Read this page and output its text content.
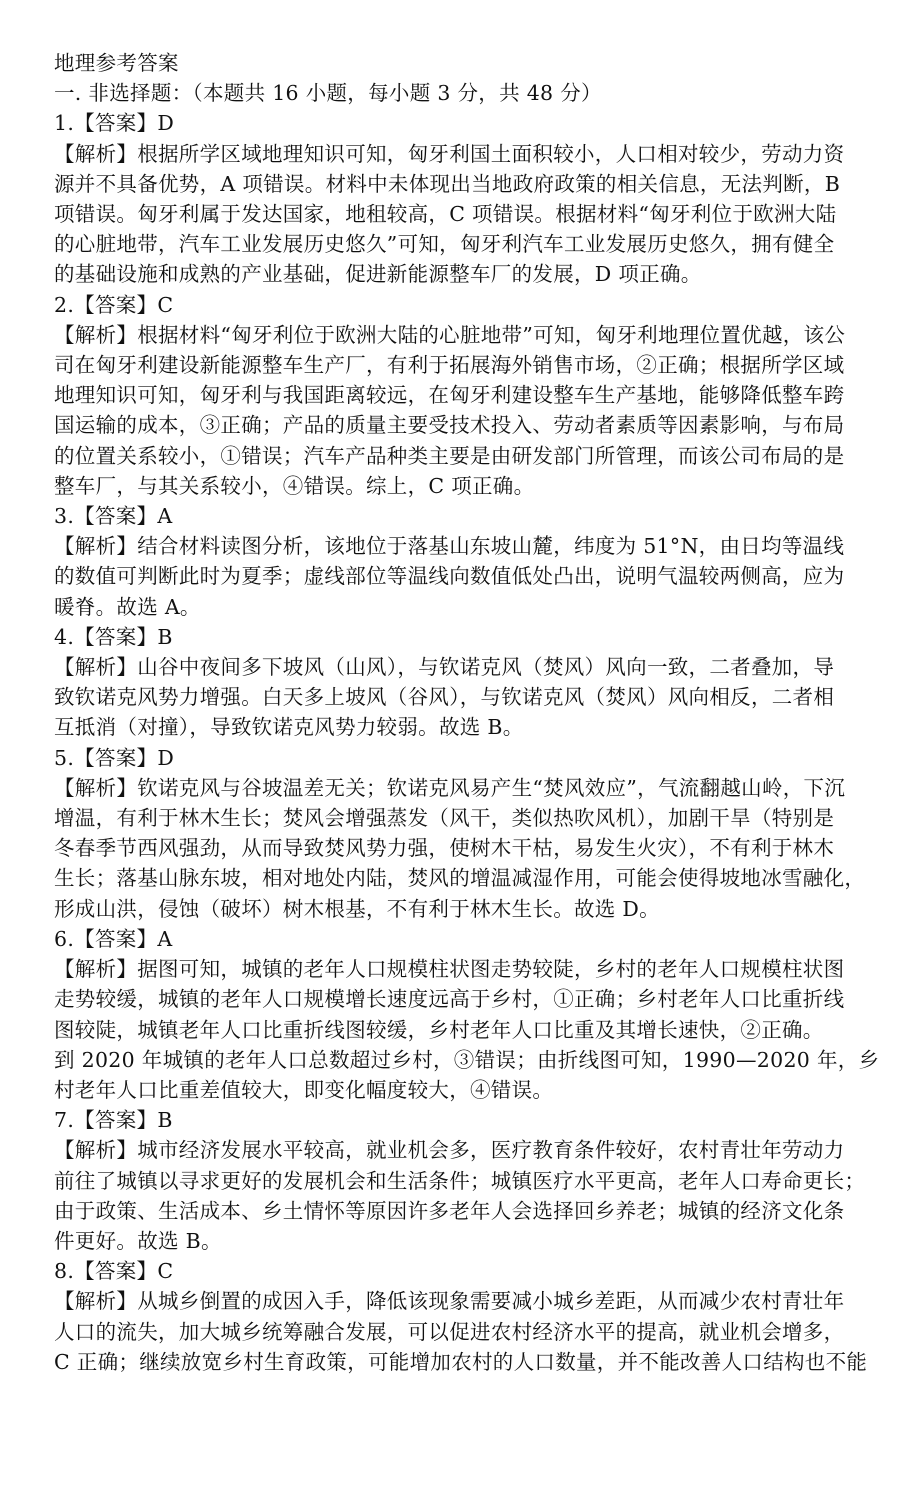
地理参考答案
一. 非选择题：（本题共 16 小题，每小题 3 分，共 48 分）
1.【答案】D
【解析】根据所学区域地理知识可知，匈牙利国土面积较小，人口相对较少，劳动力资
源并不具备优势，A 项错误。材料中未体现出当地政府政策的相关信息，无法判断，B
项错误。匈牙利属于发达国家，地租较高，C 项错误。根据材料“匈牙利位于欧洲大陆
的心脏地带，汽车工业发展历史悠久”可知，匈牙利汽车工业发展历史悠久，拥有健全
的基础设施和成熟的产业基础，促进新能源整车厂的发展，D 项正确。
2.【答案】C
【解析】根据材料“匈牙利位于欧洲大陆的心脏地带”可知，匈牙利地理位置优越，该公
司在匈牙利建设新能源整车生产厂，有利于拓展海外销售市场，②正确；根据所学区域
地理知识可知，匈牙利与我国距离较远，在匈牙利建设整车生产基地，能够降低整车跨
国运输的成本，③正确；产品的质量主要受技术投入、劳动者素质等因素影响，与布局
的位置关系较小，①错误；汽车产品种类主要是由研发部门所管理，而该公司布局的是
整车厂，与其关系较小，④错误。综上，C 项正确。
3.【答案】A
【解析】结合材料读图分析，该地位于落基山东坡山麓，纬度为 51°N，由日均等温线
的数值可判断此时为夏季；虚线部位等温线向数值低处凸出，说明气温较两侧高，应为
暖脊。故选 A。
4.【答案】B
【解析】山谷中夜间多下坡风（山风），与钦诺克风（焚风）风向一致，二者叠加，导
致钦诺克风势力增强。白天多上坡风（谷风），与钦诺克风（焚风）风向相反，二者相
互抵消（对撞），导致钦诺克风势力较弱。故选 B。
5.【答案】D
【解析】钦诺克风与谷坡温差无关；钦诺克风易产生“焚风效应”，气流翻越山岭，下沉
增温，有利于林木生长；焚风会增强蒸发（风干，类似热吹风机），加剧干旱（特别是
冬春季节西风强劲，从而导致焚风势力强，使树木干枯，易发生火灾），不有利于林木
生长；落基山脉东坡，相对地处内陆，焚风的增温减湿作用，可能会使得坡地冰雪融化，
形成山洪，侵蚀（破坏）树木根基，不有利于林木生长。故选 D。
6.【答案】A
【解析】据图可知，城镇的老年人口规模柱状图走势较陡，乡村的老年人口规模柱状图
走势较缓，城镇的老年人口规模增长速度远高于乡村，①正确；乡村老年人口比重折线
图较陡，城镇老年人口比重折线图较缓，乡村老年人口比重及其增长速快，②正确。
到 2020 年城镇的老年人口总数超过乡村，③错误；由折线图可知，1990—2020 年，乡
村老年人口比重差值较大，即变化幅度较大，④错误。
7.【答案】B
【解析】城市经济发展水平较高，就业机会多，医疗教育条件较好，农村青壮年劳动力
前往了城镇以寻求更好的发展机会和生活条件；城镇医疗水平更高，老年人口寿命更长；
由于政策、生活成本、乡土情怀等原因许多老年人会选择回乡养老；城镇的经济文化条
件更好。故选 B。
8.【答案】C
【解析】从城乡倒置的成因入手，降低该现象需要减小城乡差距，从而减少农村青壮年
人口的流失，加大城乡统筹融合发展，可以促进农村经济水平的提高，就业机会增多，
C 正确；继续放宽乡村生育政策，可能增加农村的人口数量，并不能改善人口结构也不能
